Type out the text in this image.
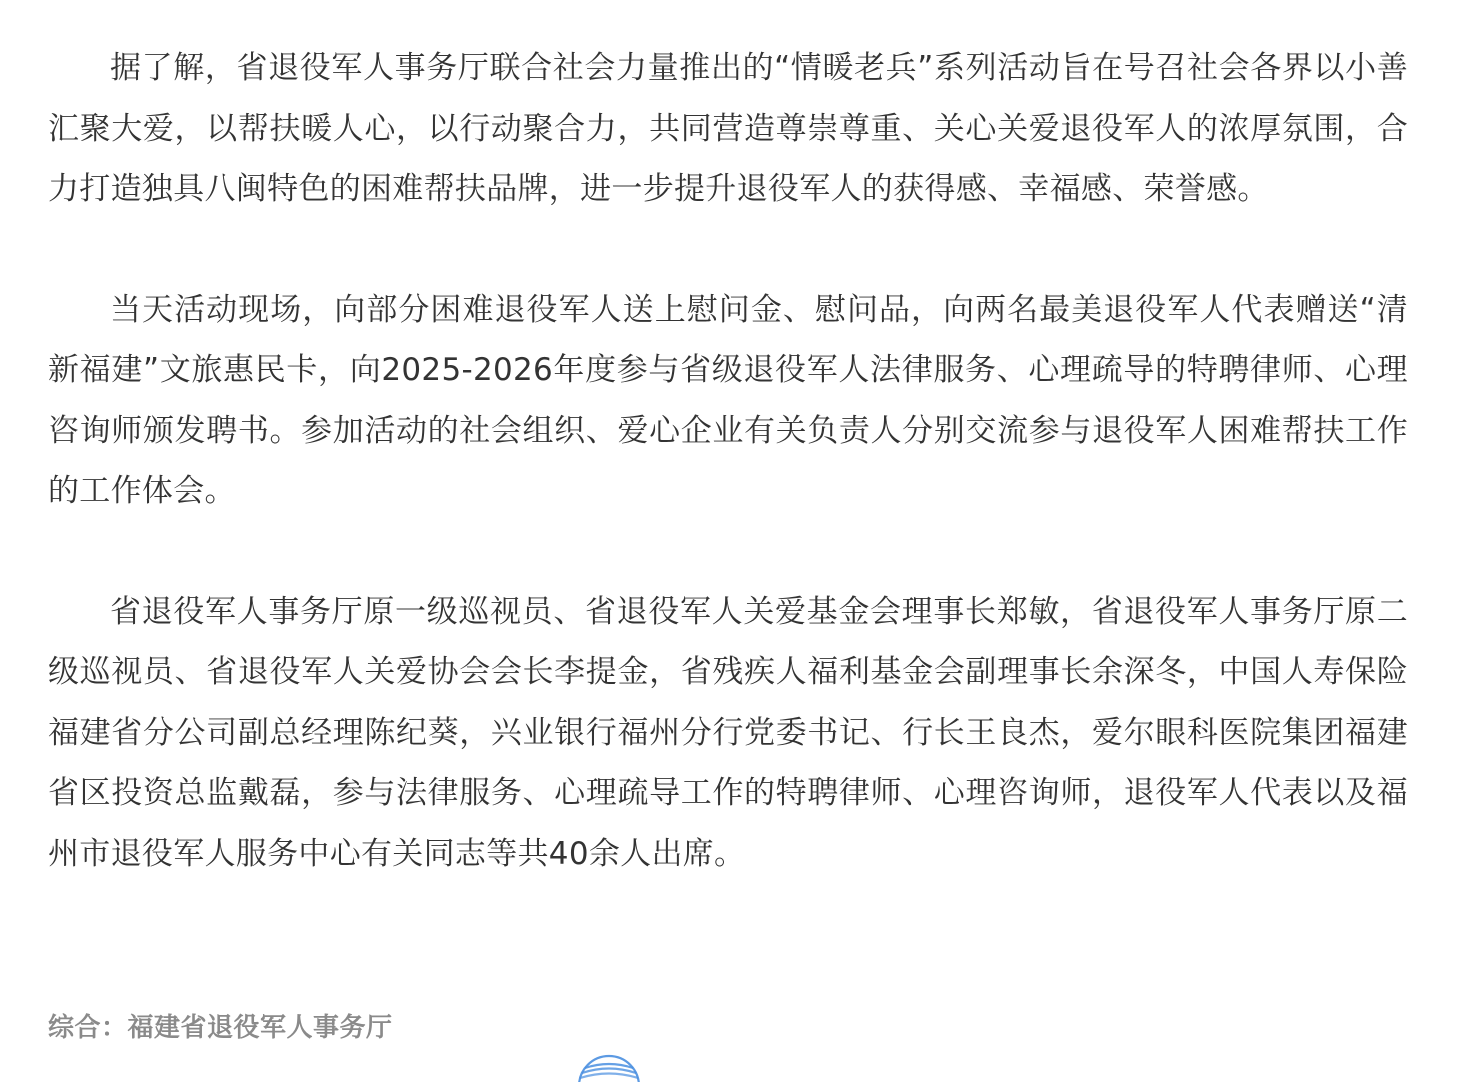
据了解，省退役军人事务厅联合社会力量推出的“情暖老兵”系列活动旨在号召社会各界以小善汇聚大爱，以帮扶暖人心，以行动聚合力，共同营造尊崇尊重、关心关爱退役军人的浓厚氛围，合力打造独具八闽特色的困难帮扶品牌，进一步提升退役军人的获得感、幸福感、荣誉感。

当天活动现场，向部分困难退役军人送上慰问金、慰问品，向两名最美退役军人代表赠送“清新福建”文旅惠民卡，向2025-2026年度参与省级退役军人法律服务、心理疏导的特聘律师、心理咨询师颁发聘书。参加活动的社会组织、爱心企业有关负责人分别交流参与退役军人困难帮扶工作的工作体会。

省退役军人事务厅原一级巡视员、省退役军人关爱基金会理事长郑敏，省退役军人事务厅原二级巡视员、省退役军人关爱协会会长李提金，省残疾人福利基金会副理事长余深冬，中国人寿保险福建省分公司副总经理陈纪葵，兴业银行福州分行党委书记、行长王良杰，爱尔眼科医院集团福建省区投资总监戴磊，参与法律服务、心理疏导工作的特聘律师、心理咨询师，退役军人代表以及福州市退役军人服务中心有关同志等共40余人出席。

综合：福建省退役军人事务厅
